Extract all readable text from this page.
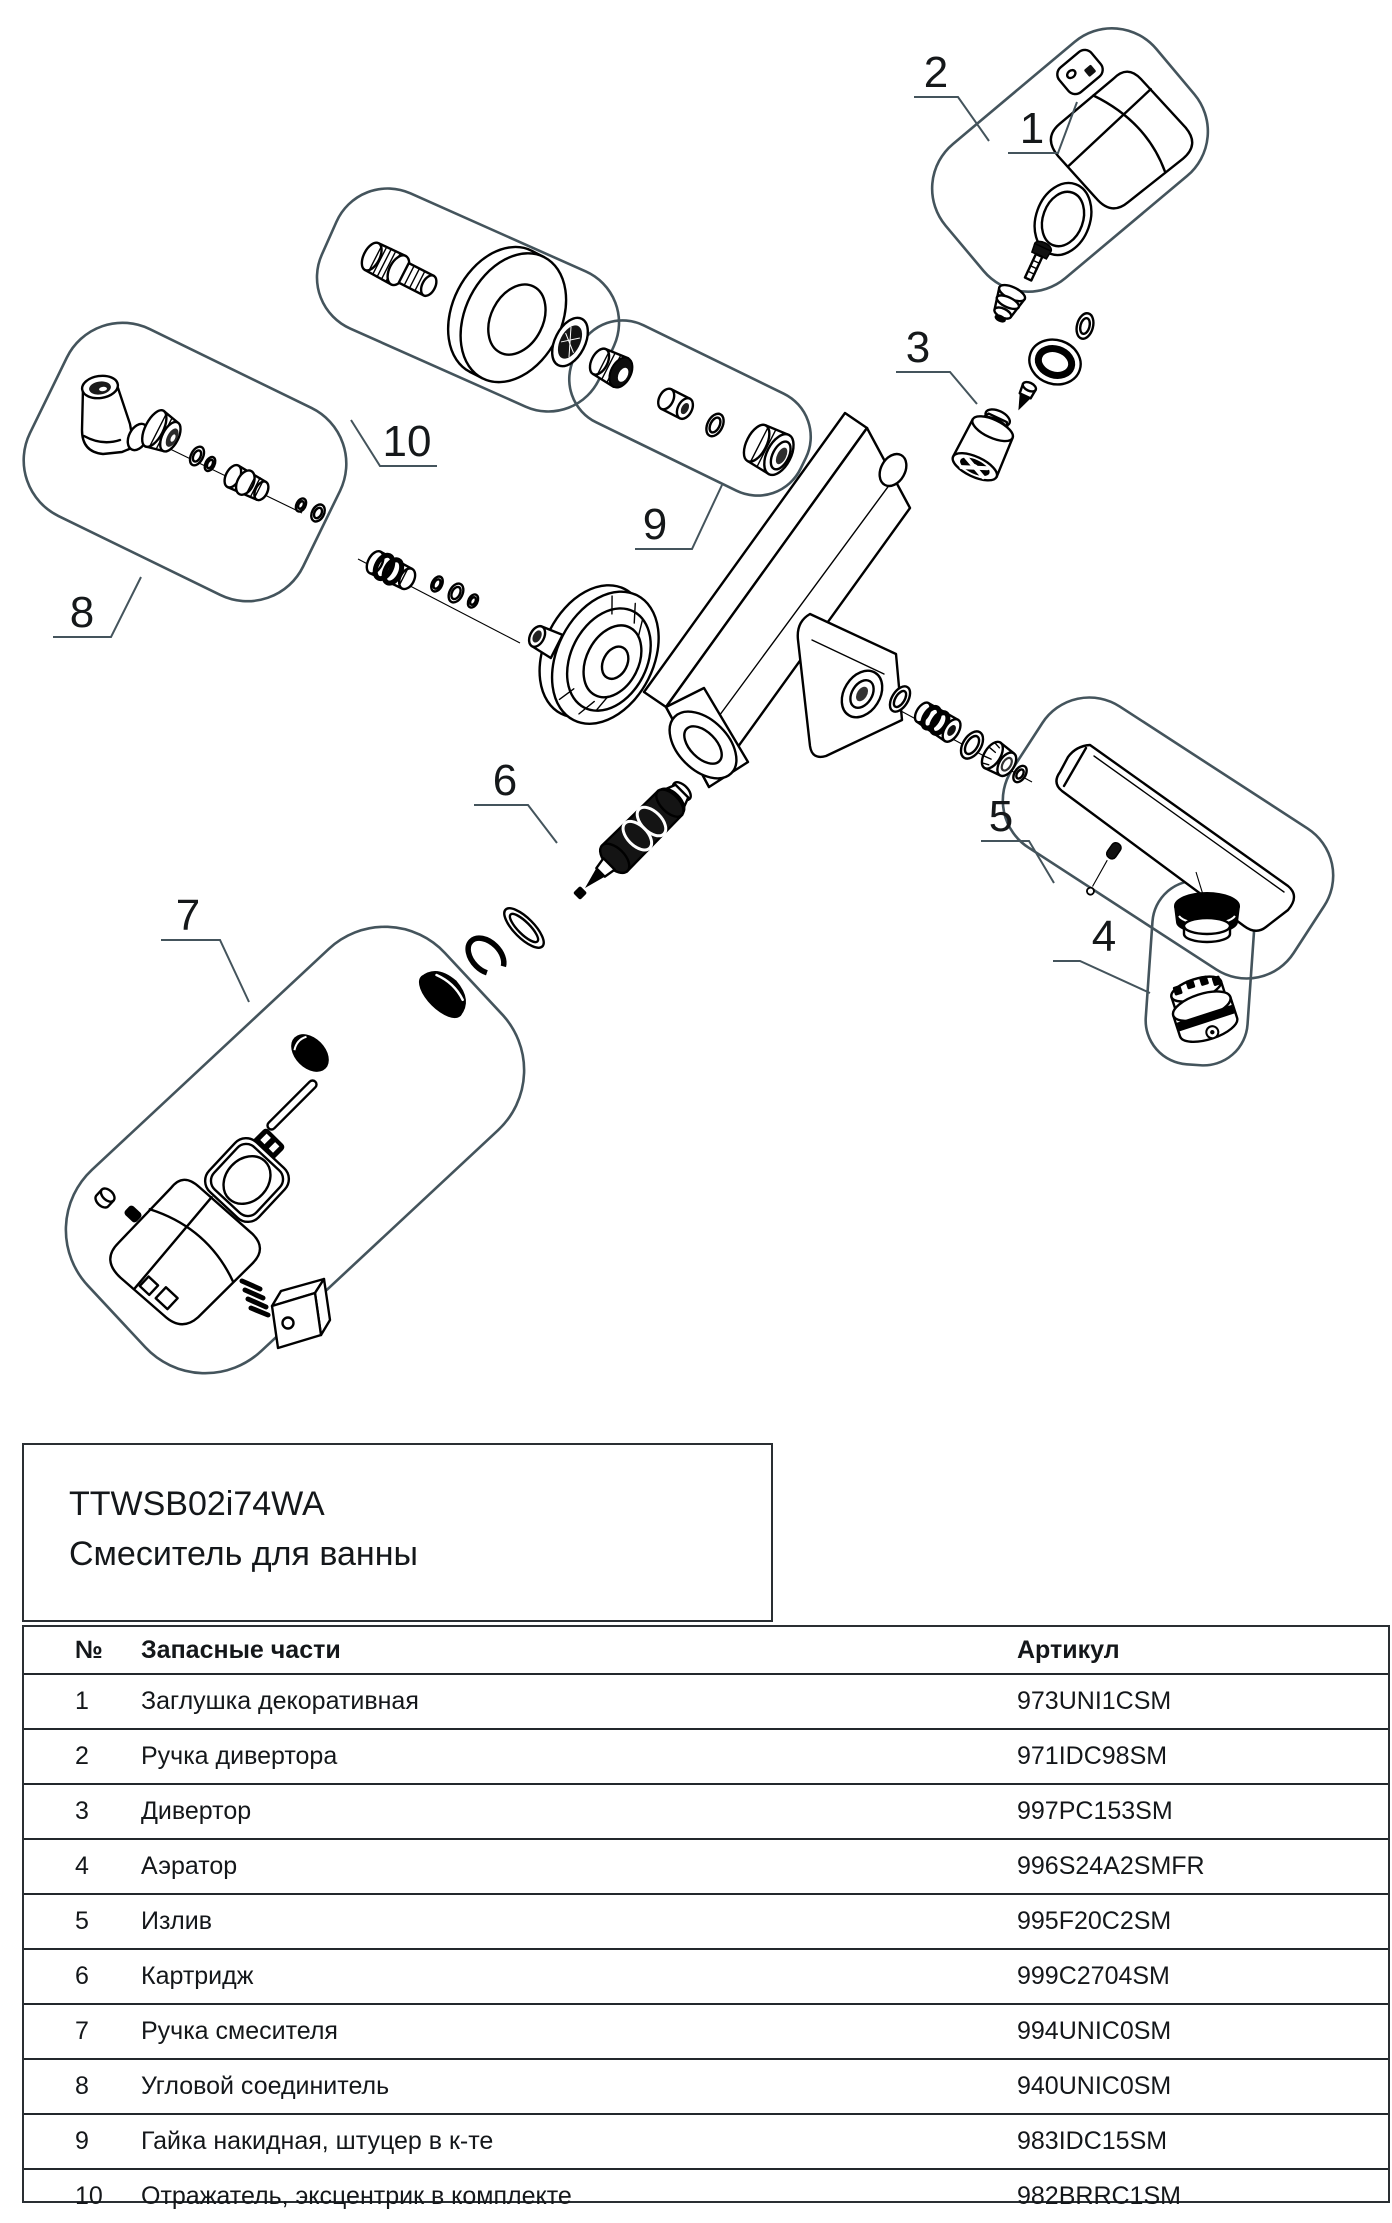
1
2
3
4
5
6
7
8
9
10
TTWSB02i74WA
Смеситель для ванны
№	Запасные части	Артикул
1	Заглушка декоративная	973UNI1CSM
2	Ручка дивертора	971IDC98SM
3	Дивертор	997PC153SM
4	Аэратор	996S24A2SMFR
5	Излив	995F20C2SM
6	Картридж	999C2704SM
7	Ручка смесителя	994UNIC0SM
8	Угловой соединитель	940UNIC0SM
9	Гайка накидная, штуцер в к-те	983IDC15SM
10	Отражатель, эксцентрик в комплекте	982BRRC1SM
